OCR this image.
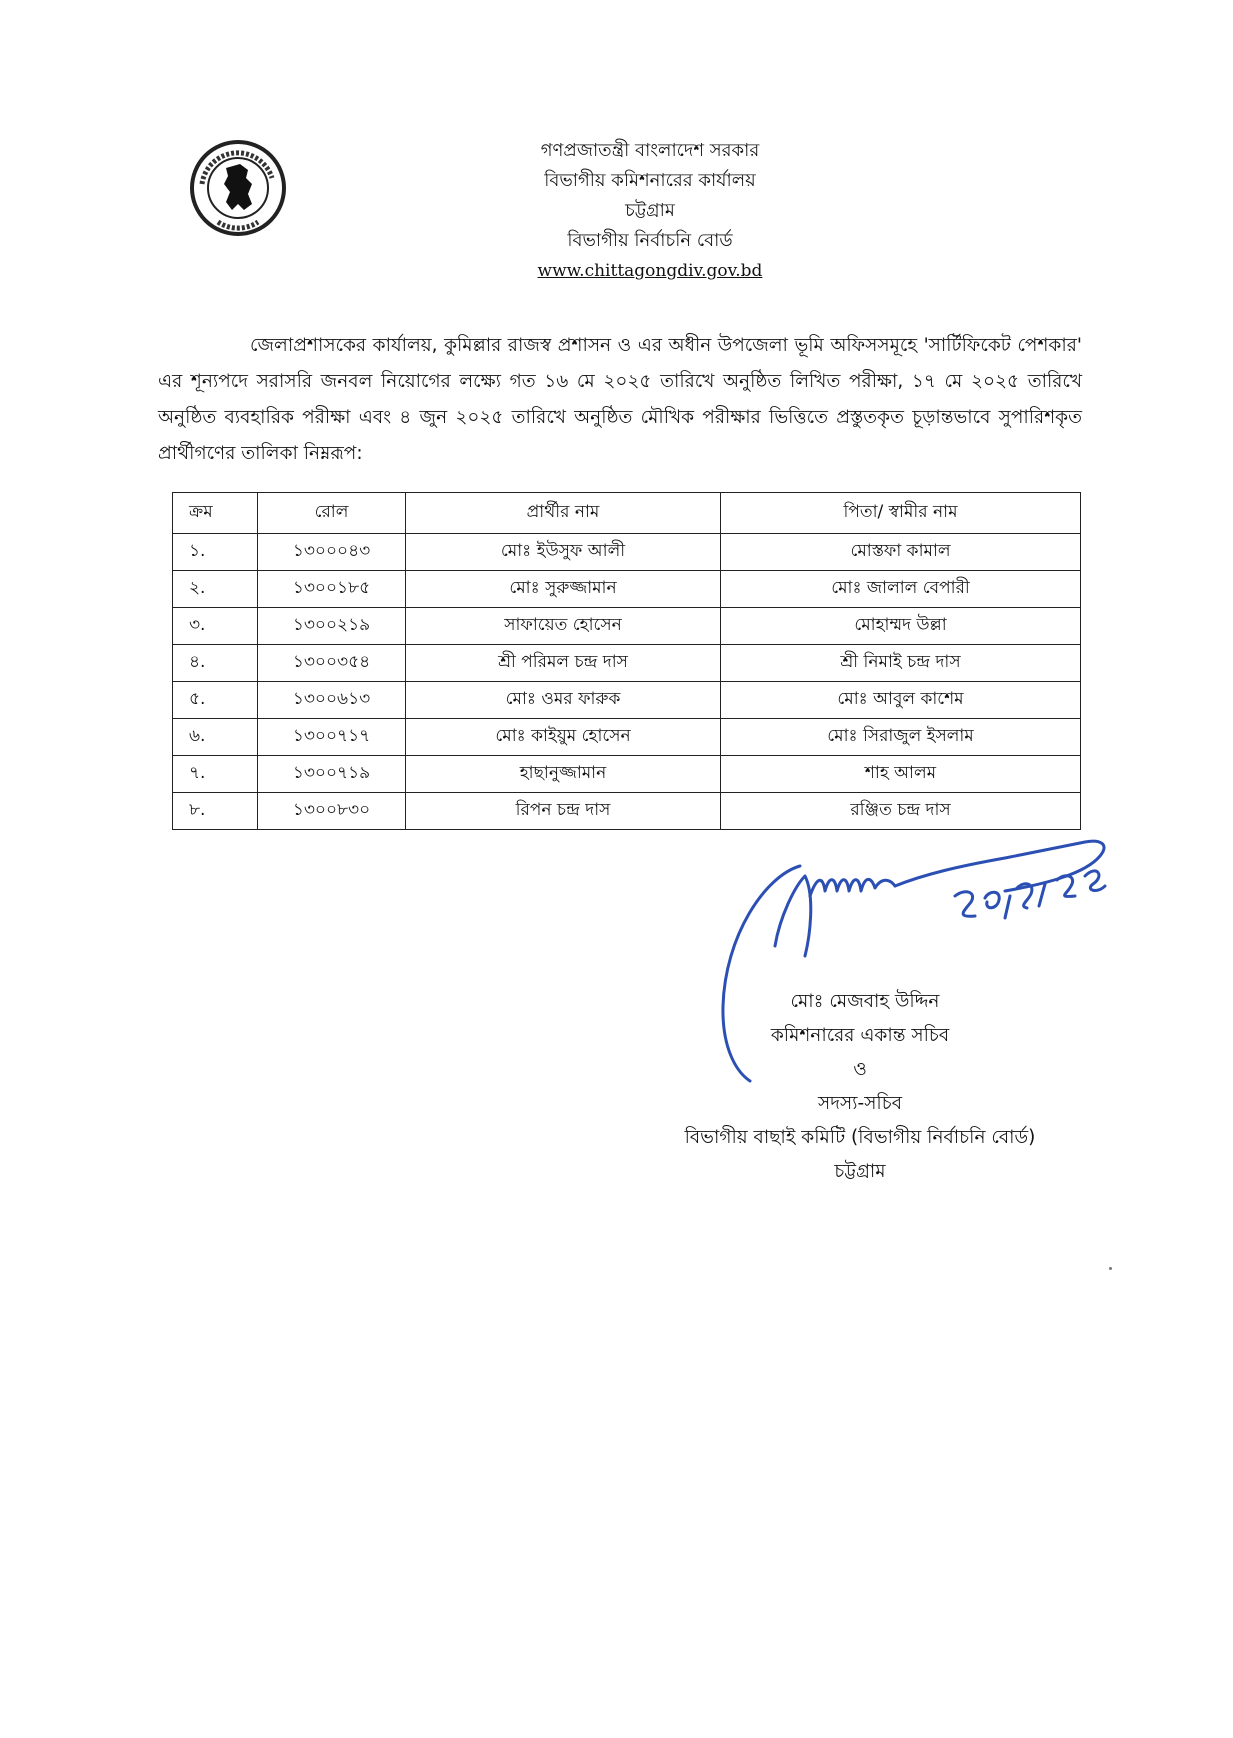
গণপ্রজাতন্ত্রী বাংলাদেশ সরকার
বিভাগীয় কমিশনারের কার্যালয়
চট্টগ্রাম
বিভাগীয় নির্বাচনি বোর্ড
www.chittagongdiv.gov.bd
জেলাপ্রশাসকের কার্যালয়, কুমিল্লার রাজস্ব প্রশাসন ও এর অধীন উপজেলা ভূমি অফিসসমূহে 'সার্টিফিকেট পেশকার' এর শূন্যপদে সরাসরি জনবল নিয়োগের লক্ষ্যে গত ১৬ মে ২০২৫ তারিখে অনুষ্ঠিত লিখিত পরীক্ষা, ১৭ মে ২০২৫ তারিখে অনুষ্ঠিত ব্যবহারিক পরীক্ষা এবং ৪ জুন ২০২৫ তারিখে অনুষ্ঠিত মৌখিক পরীক্ষার ভিত্তিতে প্রস্তুতকৃত চূড়ান্তভাবে সুপারিশকৃত প্রার্থীগণের তালিকা নিম্নরূপ:
ক্রম	রোল	প্রার্থীর নাম	পিতা/ স্বামীর নাম
১.	১৩০০০৪৩	মোঃ ইউসুফ আলী	মোস্তফা কামাল
২.	১৩০০১৮৫	মোঃ সুরুজ্জামান	মোঃ জালাল বেপারী
৩.	১৩০০২১৯	সাফায়েত হোসেন	মোহাম্মদ উল্লা
৪.	১৩০০৩৫৪	শ্রী পরিমল চন্দ্র দাস	শ্রী নিমাই চন্দ্র দাস
৫.	১৩০০৬১৩	মোঃ ওমর ফারুক	মোঃ আবুল কাশেম
৬.	১৩০০৭১৭	মোঃ কাইয়ুম হোসেন	মোঃ সিরাজুল ইসলাম
৭.	১৩০০৭১৯	হাছানুজ্জামান	শাহ আলম
৮.	১৩০০৮৩০	রিপন চন্দ্র দাস	রঞ্জিত চন্দ্র দাস
মোঃ মেজবাহ উদ্দিন
কমিশনারের একান্ত সচিব
ও
সদস্য-সচিব
বিভাগীয় বাছাই কমিটি (বিভাগীয় নির্বাচনি বোর্ড)
চট্টগ্রাম
